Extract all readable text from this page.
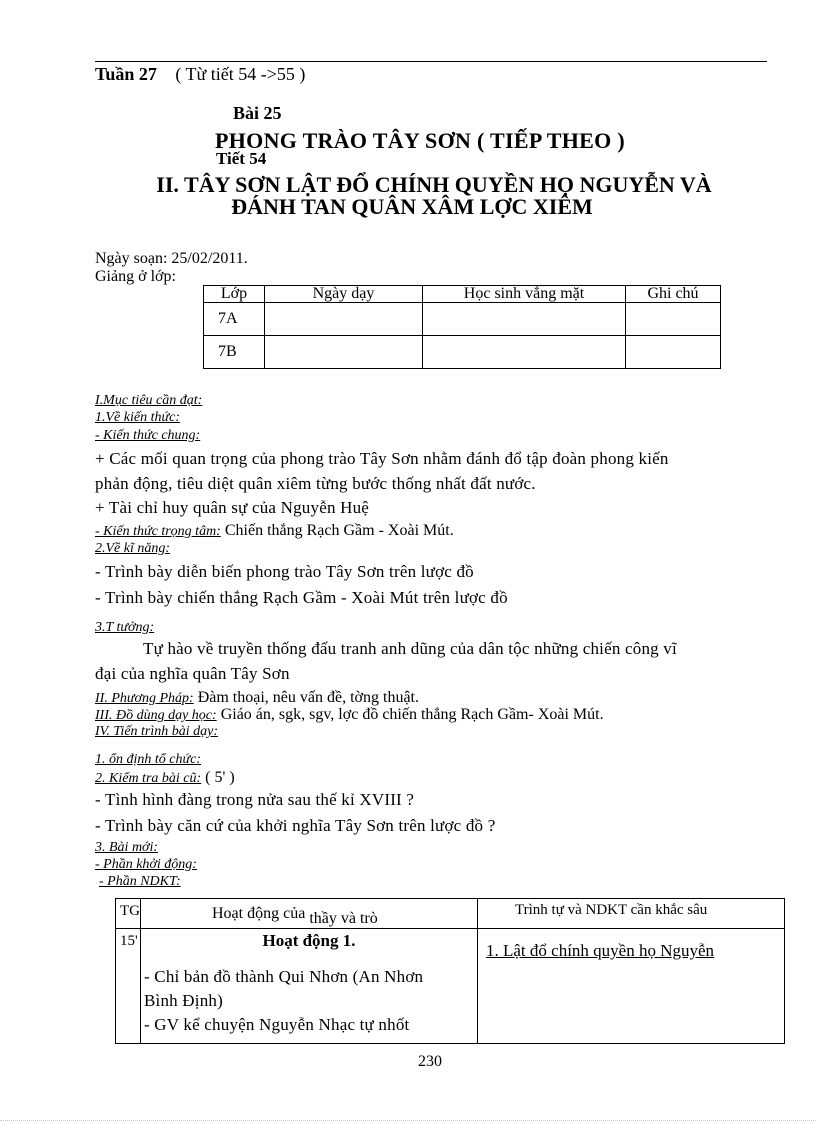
Tuần 27 ( Từ tiết 54 ->55 )
Bài 25
PHONG TRÀO TÂY SƠN ( TIẾP THEO )
Tiết 54
II. TÂY SƠN LẬT ĐỔ CHÍNH QUYỀN HỌ NGUYỄN VÀ
ĐÁNH TAN QUÂN XÂM LỢC XIÊM
Ngày soạn: 25/02/2011.
Giảng ở lớp:
Lớp	Ngày dạy	Học sinh vắng mặt	Ghi chú
7A			
7B			
I.Mục tiêu cần đạt:
1.Về kiến thức:
- Kiến thức chung:
+ Các mối quan trọng của phong trào Tây Sơn nhằm đánh đổ tập đoàn phong kiến
phản động, tiêu diệt quân xiêm từng bước thống nhất đất nước.
+ Tài chỉ huy quân sự của Nguyễn Huệ
- Kiến thức trọng tâm: Chiến thắng Rạch Gầm - Xoài Mút.
2.Về kĩ năng:
- Trình bày diễn biến phong trào Tây Sơn trên lược đồ
- Trình bày chiến thắng Rạch Gầm - Xoài Mút trên lược đồ
3.T tưởng:
Tự hào về truyền thống đấu tranh anh dũng của dân tộc những chiến công vĩ
đại của nghĩa quân Tây Sơn
II. Phương Pháp: Đàm thoại, nêu vấn đề, tờng thuật.
III. Đồ dùng dạy học: Giáo án, sgk, sgv, lợc đồ chiến thắng Rạch Gầm- Xoài Mút.
IV. Tiến trình bài dạy:
1. ổn định tổ chức:
2. Kiểm tra bài cũ: ( 5' )
- Tình hình đàng trong nửa sau thế kỉ XVIII ?
- Trình bày căn cứ của khởi nghĩa Tây Sơn trên lược đồ ?
3. Bài mới:
- Phần khởi động:
- Phần NDKT:
TG	Hoạt động của thầy và trò	Trình tự và NDKT cần khắc sâu

15'	Hoạt động 1.
- Chỉ bản đồ thành Qui Nhơn (An Nhơn
Bình Định)
- GV kể chuyện Nguyễn Nhạc tự nhốt	1. Lật đổ chính quyền họ Nguyễn
230
